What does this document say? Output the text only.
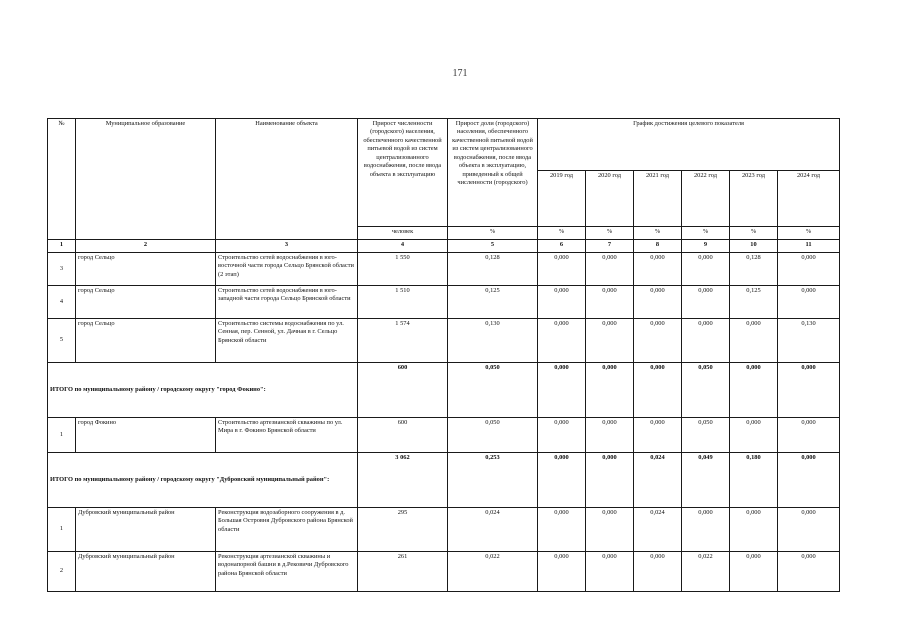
171
№	Муниципальное образование	Наименование объекта	Прирост численности (городского) населения, обеспеченного качественной питьевой водой из систем централизованного водоснабжения, после ввода объекта в эксплуатацию	Прирост доли (городского) населения, обеспеченного качественной питьевой водой из систем централизованного водоснабжения, после ввода объекта в эксплуатацию, приведенный к общей численности (городского)	График достижения целевого показателя					
					2019 год	2020 год	2021 год	2022 год	2023 год	2024 год
			человек	%	%	%	%	%	%	%
1	2	3	4	5	6	7	8	9	10	11
3	город Сельцо	Строительство сетей водоснабжения в юго-восточной части города Сельцо Брянской области (2 этап)	1 550	0,128	0,000	0,000	0,000	0,000	0,128	0,000
4	город Сельцо	Строительство сетей водоснабжения в юго-западной части города Сельцо Брянской области	1 510	0,125	0,000	0,000	0,000	0,000	0,125	0,000
5	город Сельцо	Строительство системы водоснабжения по ул. Сенная, пер. Сенной, ул. Дачная в г. Сельцо Брянской области	1 574	0,130	0,000	0,000	0,000	0,000	0,000	0,130
ИТОГО по муниципальному району / городскому округу "город Фокино":			600	0,050	0,000	0,000	0,000	0,050	0,000	0,000
1	город Фокино	Строительство артезианской скважины по ул. Мира в г. Фокино Брянской области	600	0,050	0,000	0,000	0,000	0,050	0,000	0,000
ИТОГО по муниципальному району / городскому округу "Дубровский муниципальный район":			3 062	0,253	0,000	0,000	0,024	0,049	0,180	0,000
1	Дубровский муниципальный район	Реконструкция водозаборного сооружения в д. Большая Островня Дубровского района Брянской области	295	0,024	0,000	0,000	0,024	0,000	0,000	0,000
2	Дубровский муниципальный район	Реконструкция артезианской скважины и водонапорной башни в д.Рековичи Дубровского района Брянской области	261	0,022	0,000	0,000	0,000	0,022	0,000	0,000
